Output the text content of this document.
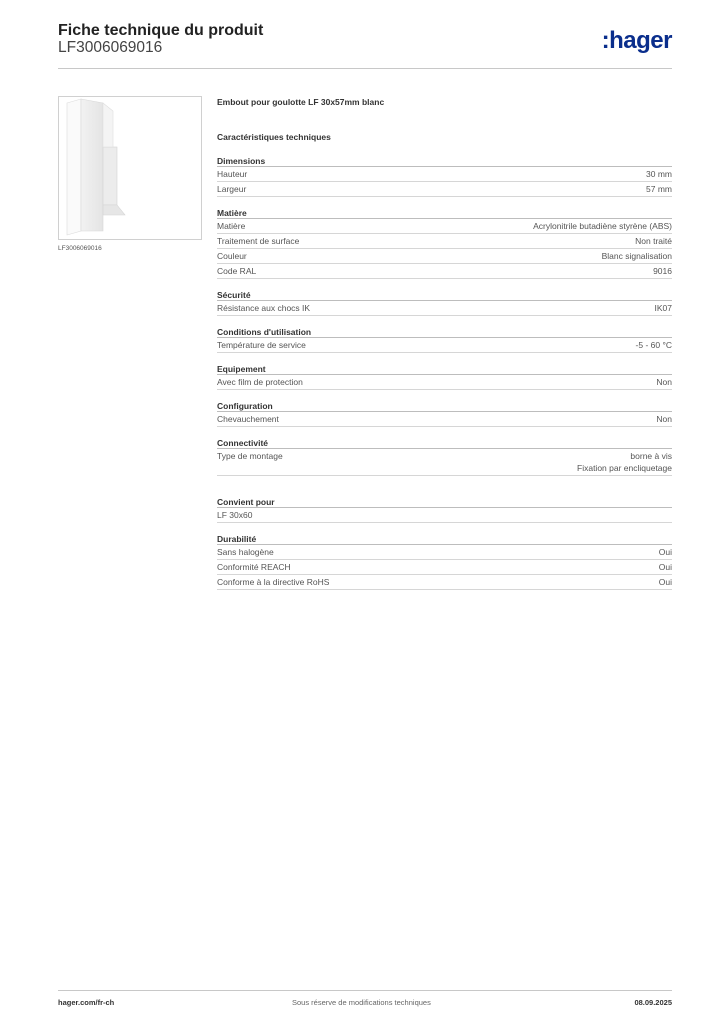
Fiche technique du produit
LF3006069016	:hager
LF3006069016
Embout pour goulotte LF 30x57mm blanc
Caractéristiques techniques
Dimensions
Hauteur	30 mm
Largeur	57 mm
Matière
Matière	Acrylonitrile butadiène styrène (ABS)
Traitement de surface	Non traité
Couleur	Blanc signalisation
Code RAL	9016
Sécurité
Résistance aux chocs IK	IK07
Conditions d'utilisation
Température de service	-5 - 60 °C
Equipement
Avec film de protection	Non
Configuration
Chevauchement	Non
Connectivité
Type de montage	borne à vis
Fixation par encliquetage
Convient pour
LF 30x60
Durabilité
Sans halogène	Oui
Conformité REACH	Oui
Conforme à la directive RoHS	Oui
hager.com/fr-ch	Sous réserve de modifications techniques	08.09.2025
